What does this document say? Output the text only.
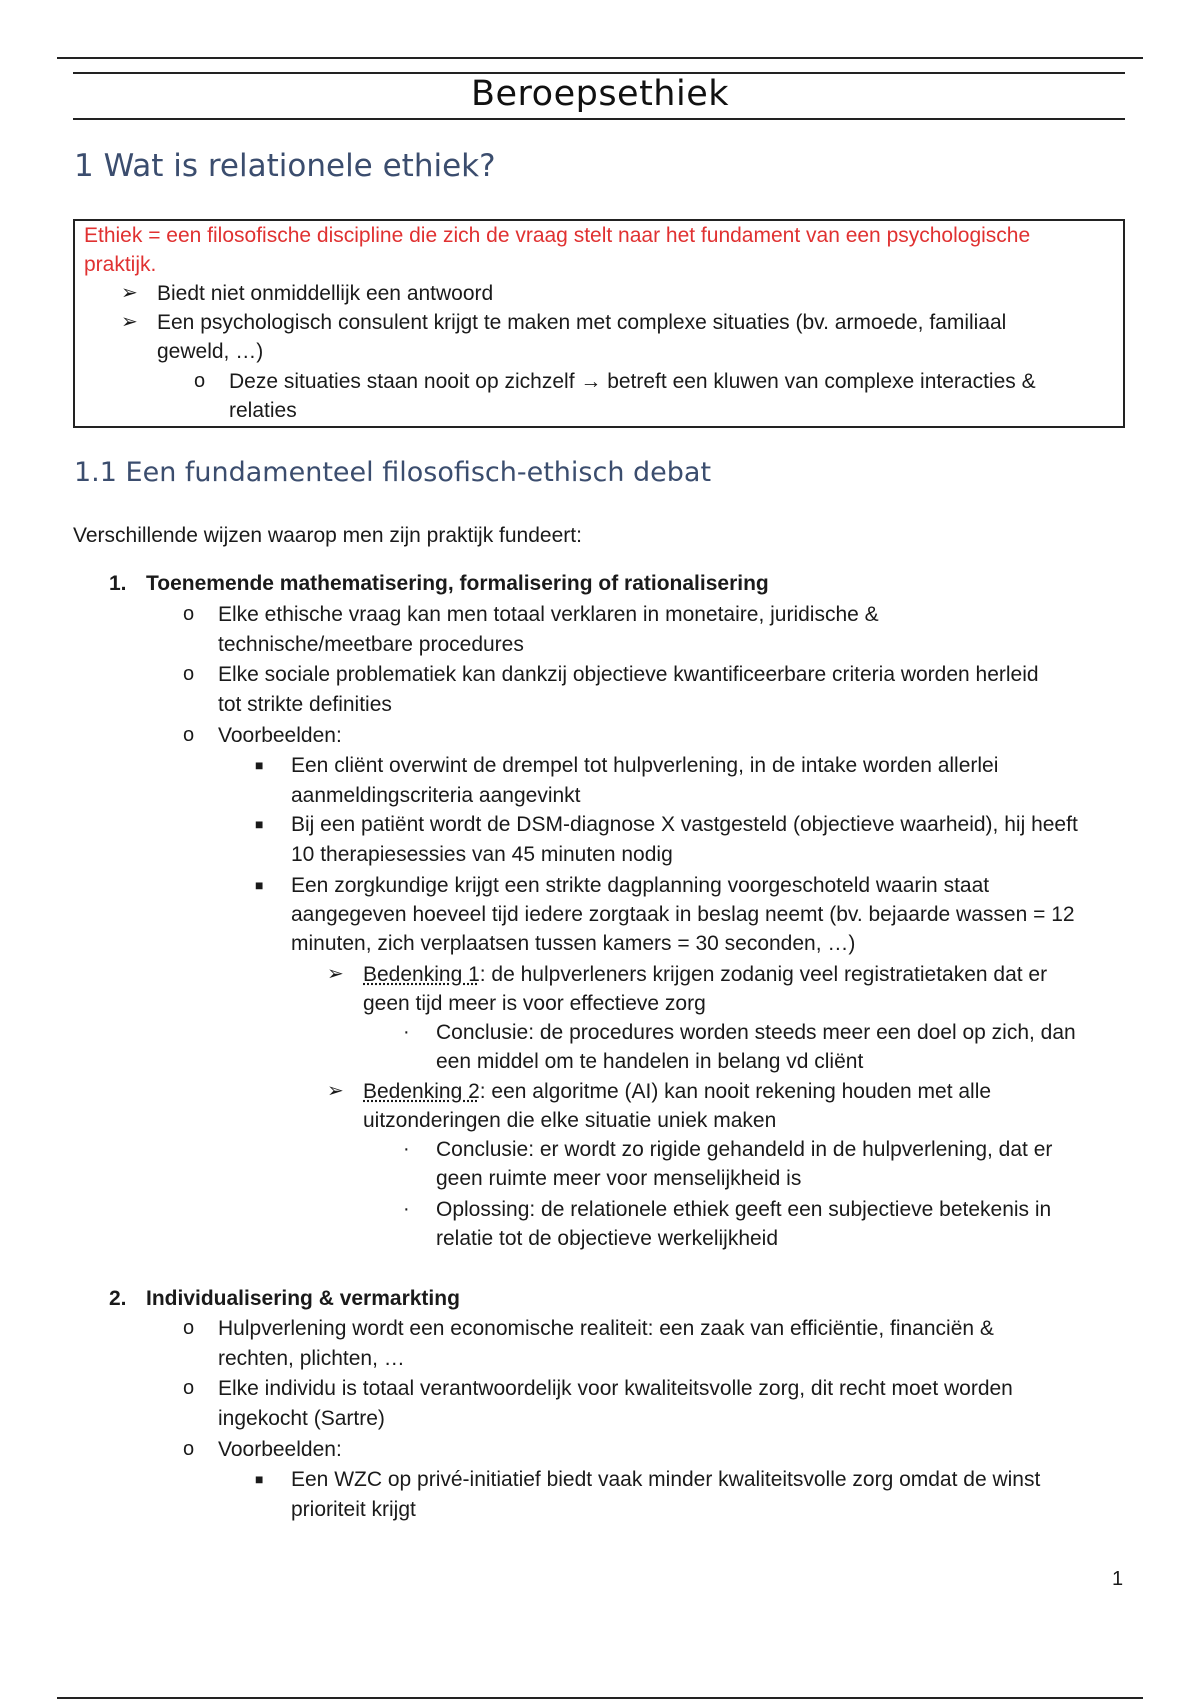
Beroepsethiek
1 Wat is relationele ethiek?
Ethiek = een filosofische discipline die zich de vraag stelt naar het fundament van een psychologische
praktijk.
➢ Biedt niet onmiddellijk een antwoord
➢ Een psychologisch consulent krijgt te maken met complexe situaties (bv. armoede, familiaal
geweld, …)
o Deze situaties staan nooit op zichzelf → betreft een kluwen van complexe interacties &
relaties
1.1 Een fundamenteel filosofisch-ethisch debat
Verschillende wijzen waarop men zijn praktijk fundeert:
1. Toenemende mathematisering, formalisering of rationalisering
o Elke ethische vraag kan men totaal verklaren in monetaire, juridische &
technische/meetbare procedures
o Elke sociale problematiek kan dankzij objectieve kwantificeerbare criteria worden herleid
tot strikte definities
o Voorbeelden:
■ Een cliënt overwint de drempel tot hulpverlening, in de intake worden allerlei
aanmeldingscriteria aangevinkt
■ Bij een patiënt wordt de DSM-diagnose X vastgesteld (objectieve waarheid), hij heeft
10 therapiesessies van 45 minuten nodig
■ Een zorgkundige krijgt een strikte dagplanning voorgeschoteld waarin staat
aangegeven hoeveel tijd iedere zorgtaak in beslag neemt (bv. bejaarde wassen = 12
minuten, zich verplaatsen tussen kamers = 30 seconden, …)
➢ Bedenking 1: de hulpverleners krijgen zodanig veel registratietaken dat er
geen tijd meer is voor effectieve zorg
· Conclusie: de procedures worden steeds meer een doel op zich, dan
een middel om te handelen in belang vd cliënt
➢ Bedenking 2: een algoritme (AI) kan nooit rekening houden met alle
uitzonderingen die elke situatie uniek maken
· Conclusie: er wordt zo rigide gehandeld in de hulpverlening, dat er
geen ruimte meer voor menselijkheid is
· Oplossing: de relationele ethiek geeft een subjectieve betekenis in
relatie tot de objectieve werkelijkheid
2. Individualisering & vermarkting
o Hulpverlening wordt een economische realiteit: een zaak van efficiëntie, financiën &
rechten, plichten, …
o Elke individu is totaal verantwoordelijk voor kwaliteitsvolle zorg, dit recht moet worden
ingekocht (Sartre)
o Voorbeelden:
■ Een WZC op privé-initiatief biedt vaak minder kwaliteitsvolle zorg omdat de winst
prioriteit krijgt
1
